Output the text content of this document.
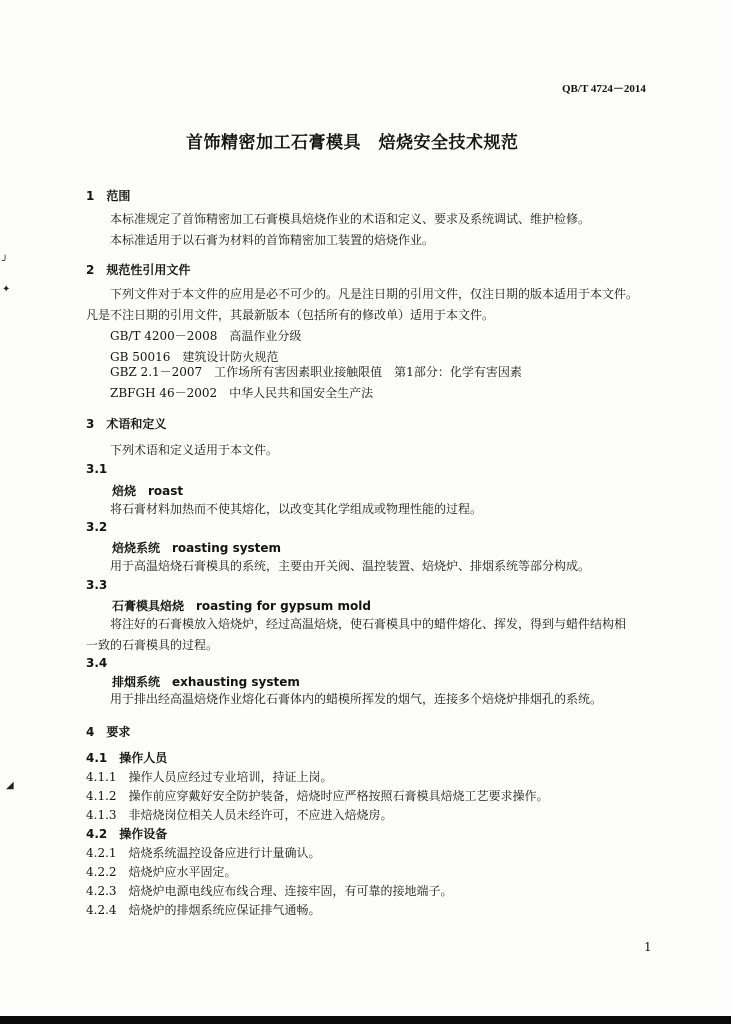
QB/T 4724－2014
首饰精密加工石膏模具　焙烧安全技术规范
1　范围
本标准规定了首饰精密加工石膏模具焙烧作业的术语和定义、要求及系统调试、维护检修。
本标准适用于以石膏为材料的首饰精密加工装置的焙烧作业。
2　规范性引用文件
下列文件对于本文件的应用是必不可少的。凡是注日期的引用文件，仅注日期的版本适用于本文件。
凡是不注日期的引用文件，其最新版本（包括所有的修改单）适用于本文件。
GB/T 4200－2008　高温作业分级
GB 50016　建筑设计防火规范
GBZ 2.1－2007　工作场所有害因素职业接触限值　第1部分：化学有害因素
ZBFGH 46－2002　中华人民共和国安全生产法
3　术语和定义
下列术语和定义适用于本文件。
3.1
焙烧　roast
将石膏材料加热而不使其熔化，以改变其化学组成或物理性能的过程。
3.2
焙烧系统　roasting system
用于高温焙烧石膏模具的系统，主要由开关阀、温控装置、焙烧炉、排烟系统等部分构成。
3.3
石膏模具焙烧　roasting for gypsum mold
将注好的石膏模放入焙烧炉，经过高温焙烧，使石膏模具中的蜡件熔化、挥发，得到与蜡件结构相
一致的石膏模具的过程。
3.4
排烟系统　exhausting system
用于排出经高温焙烧作业熔化石膏体内的蜡模所挥发的烟气，连接多个焙烧炉排烟孔的系统。
4　要求
4.1　操作人员
4.1.1　操作人员应经过专业培训，持证上岗。
4.1.2　操作前应穿戴好安全防护装备，焙烧时应严格按照石膏模具焙烧工艺要求操作。
4.1.3　非焙烧岗位相关人员未经许可，不应进入焙烧房。
4.2　操作设备
4.2.1　焙烧系统温控设备应进行计量确认。
4.2.2　焙烧炉应水平固定。
4.2.3　焙烧炉电源电线应布线合理、连接牢固，有可靠的接地端子。
4.2.4　焙烧炉的排烟系统应保证排气通畅。
1
╯
✦
◢
